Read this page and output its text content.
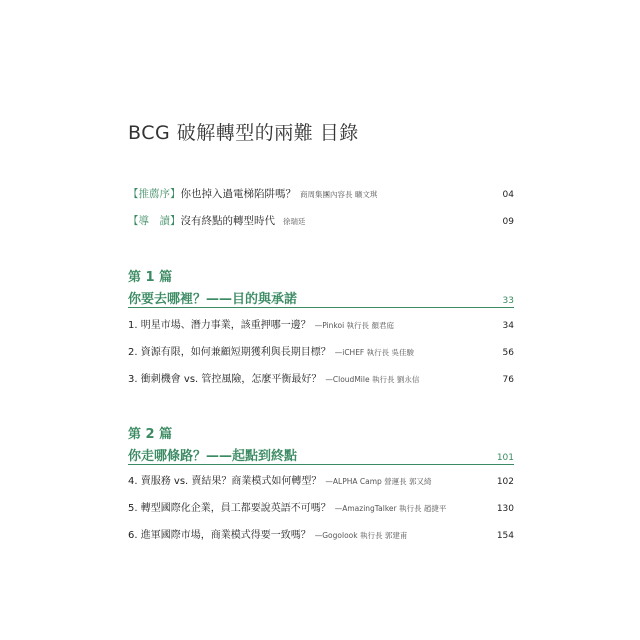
BCG 破解轉型的兩難 目錄
【推薦序】 你也掉入過電梯陷阱嗎？ 商周集團內容長 曠文琪	04
【導　讀】 沒有終點的轉型時代 徐瑞廷	09
第 1 篇
你要去哪裡？——目的與承諾	33
1. 明星市場、潛力事業，該重押哪一邊？ —Pinkoi 執行長 顏君庭	34
2. 資源有限，如何兼顧短期獲利與長期目標？ —iCHEF 執行長 吳佳駿	56
3. 衝刺機會 vs. 管控風險，怎麼平衡最好？ —CloudMile 執行長 劉永信	76
第 2 篇
你走哪條路？——起點到終點	101
4. 賣服務 vs. 賣結果？商業模式如何轉型？ —ALPHA Camp 營運長 郭又綺	102
5. 轉型國際化企業，員工都要說英語不可嗎？ —AmazingTalker 執行長 趙捷平	130
6. 進軍國際市場，商業模式得要一致嗎？ —Gogolook 執行長 郭建甫	154
